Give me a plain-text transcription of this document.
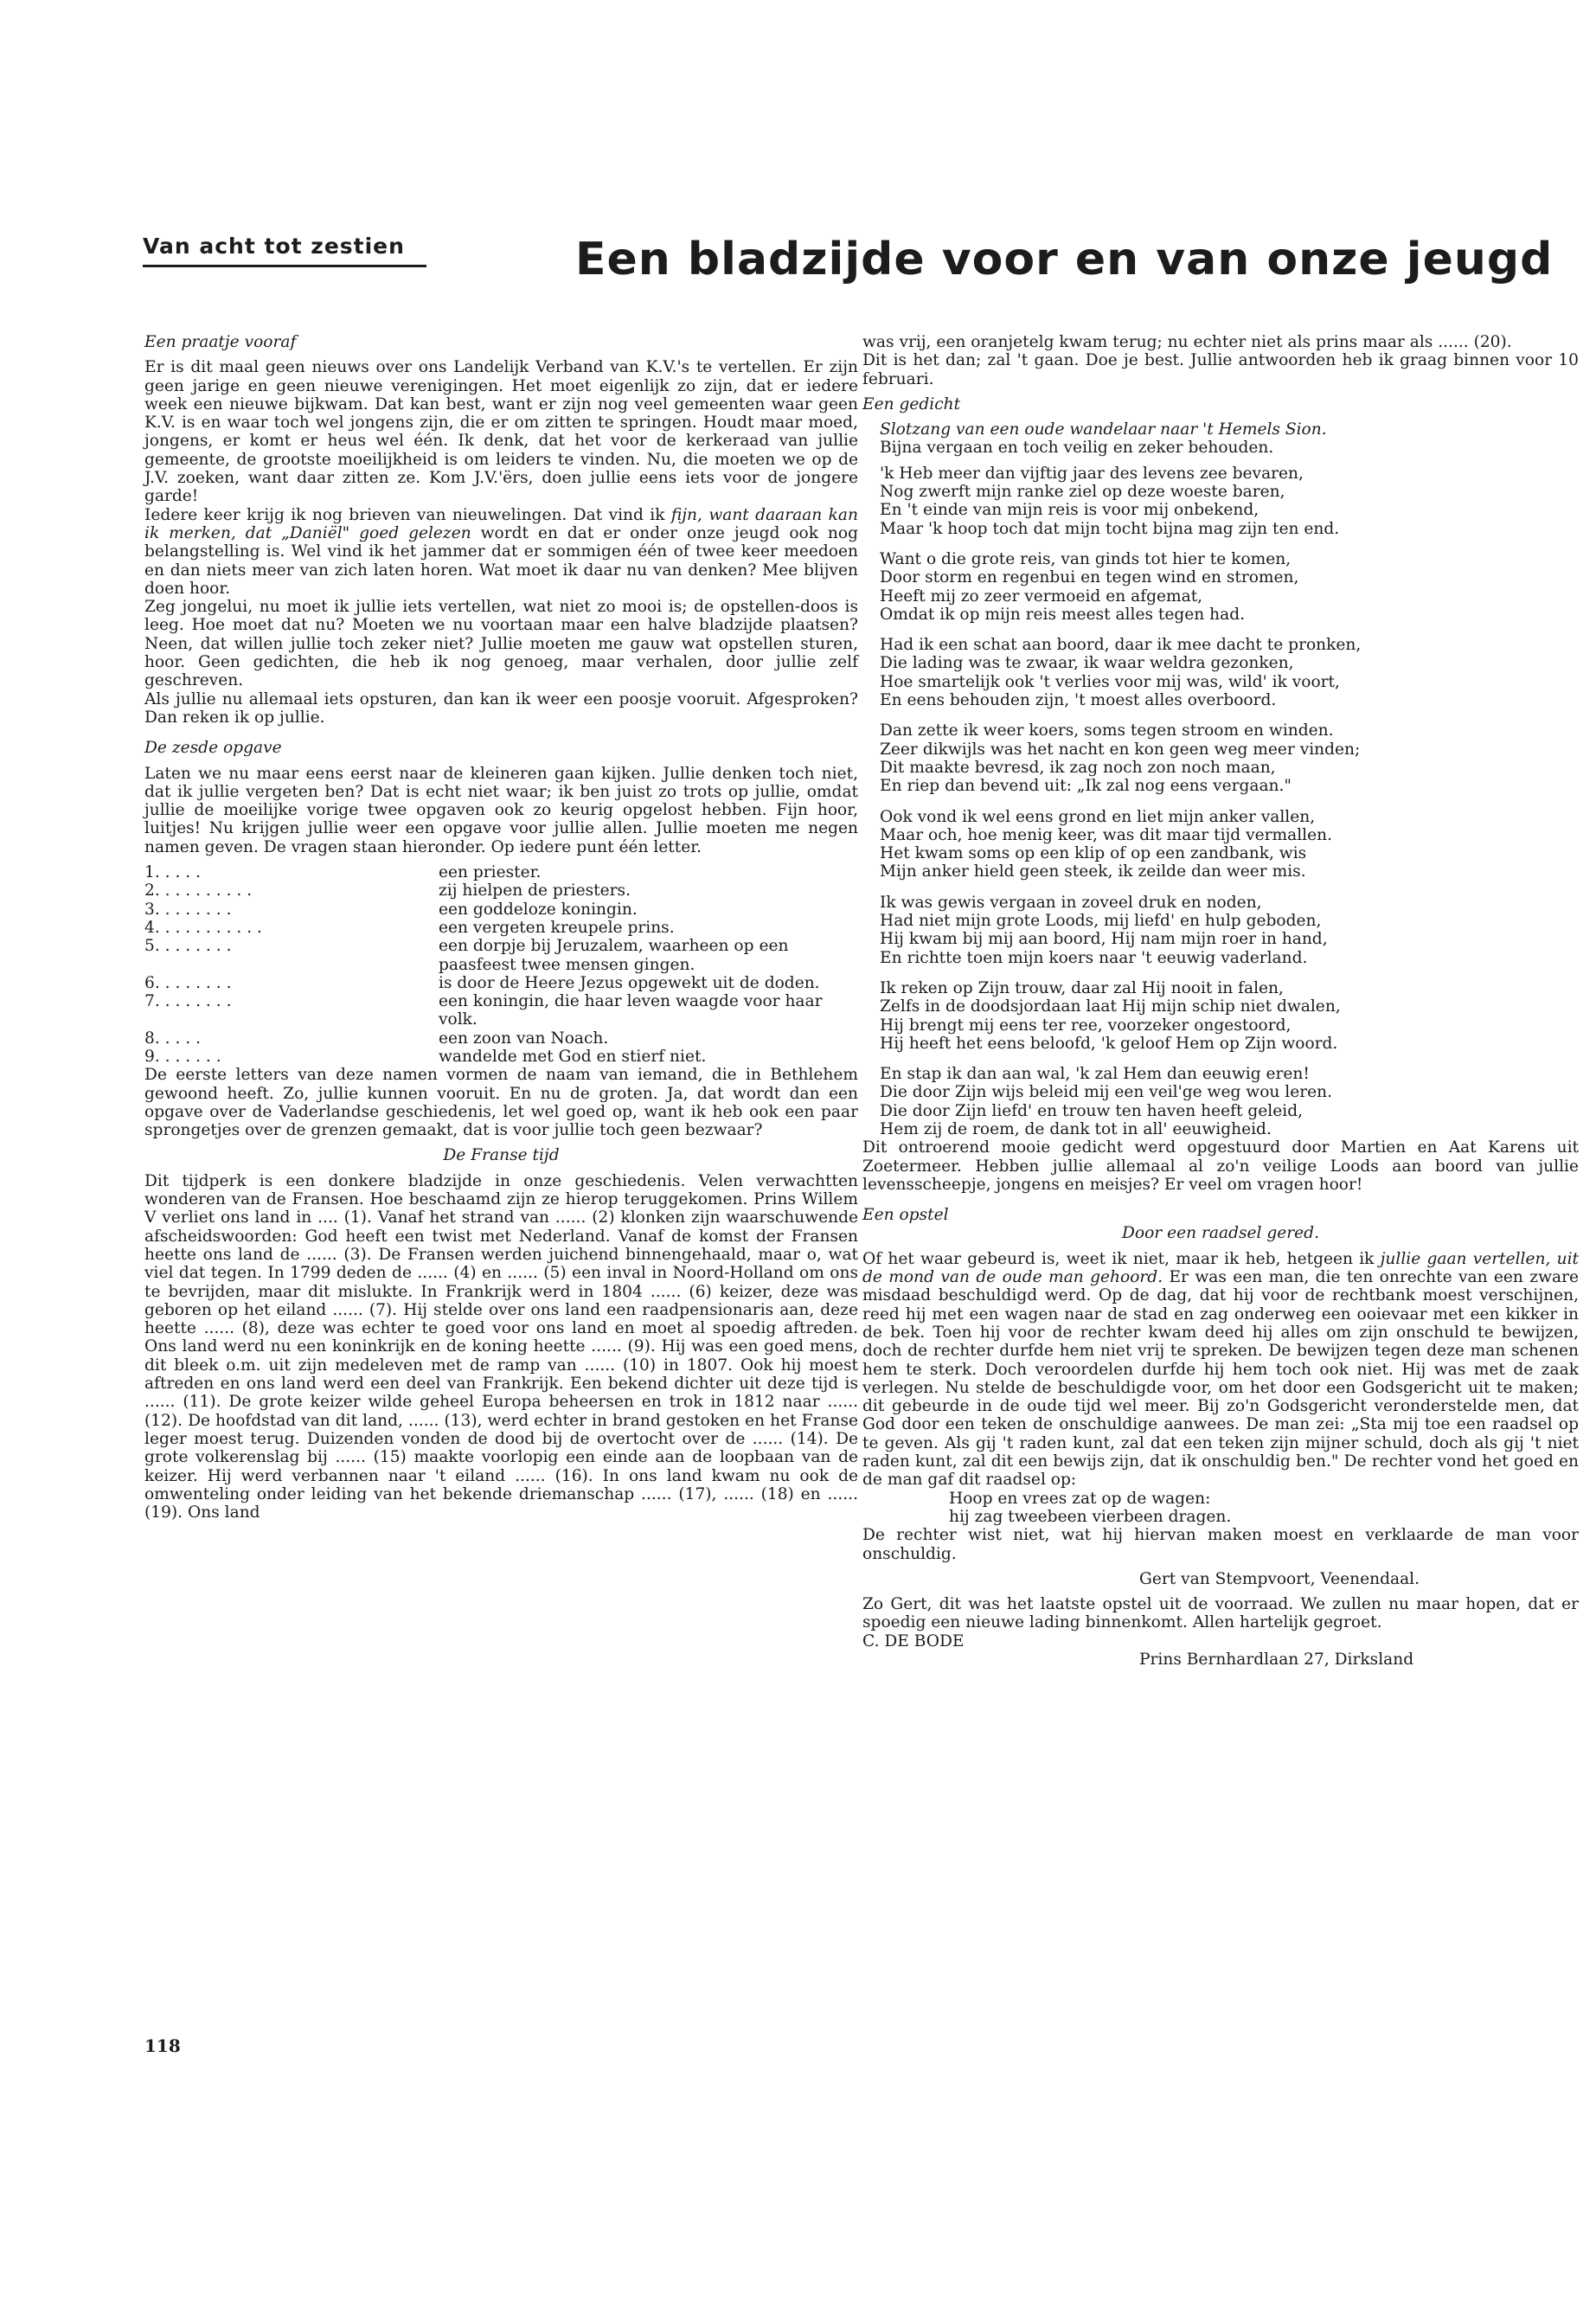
Van acht tot zestien	Een bladzijde voor en van onze jeugd

Een praatje vooraf

Er is dit maal geen nieuws over ons Landelijk Verband van K.V.'s te vertellen. Er zijn geen jarige en geen nieuwe verenigingen. Het moet eigenlijk zo zijn, dat er iedere week een nieuwe bijkwam. Dat kan best, want er zijn nog veel gemeenten waar geen K.V. is en waar toch wel jongens zijn, die er om zitten te springen. Houdt maar moed, jongens, er komt er heus wel één. Ik denk, dat het voor de kerkeraad van jullie gemeente, de grootste moeilijkheid is om leiders te vinden. Nu, die moeten we op de J.V. zoeken, want daar zitten ze. Kom J.V.'ërs, doen jullie eens iets voor de jongere garde!

Iedere keer krijg ik nog brieven van nieuwelingen. Dat vind ik fijn, want daaraan kan ik merken, dat „Daniël" goed gelezen wordt en dat er onder onze jeugd ook nog belangstelling is. Wel vind ik het jammer dat er sommigen één of twee keer meedoen en dan niets meer van zich laten horen. Wat moet ik daar nu van denken? Mee blijven doen hoor.

Zeg jongelui, nu moet ik jullie iets vertellen, wat niet zo mooi is; de opstellen-doos is leeg. Hoe moet dat nu? Moeten we nu voortaan maar een halve bladzijde plaatsen? Neen, dat willen jullie toch zeker niet? Jullie moeten me gauw wat opstellen sturen, hoor. Geen gedichten, die heb ik nog genoeg, maar verhalen, door jullie zelf geschreven.

Als jullie nu allemaal iets opsturen, dan kan ik weer een poosje vooruit. Afgesproken? Dan reken ik op jullie.

De zesde opgave

Laten we nu maar eens eerst naar de kleineren gaan kijken. Jullie denken toch niet, dat ik jullie vergeten ben? Dat is echt niet waar; ik ben juist zo trots op jullie, omdat jullie de moeilijke vorige twee opgaven ook zo keurig opgelost hebben. Fijn hoor, luitjes! Nu krijgen jullie weer een opgave voor jullie allen. Jullie moeten me negen namen geven. De vragen staan hieronder. Op iedere punt één letter.

1. . . . .	een priester.
2. . . . . . . . . .	zij hielpen de priesters.
3. . . . . . . .	een goddeloze koningin.
4. . . . . . . . . . .	een vergeten kreupele prins.
5. . . . . . . .	een dorpje bij Jeruzalem, waarheen op een paasfeest twee mensen gingen.
6. . . . . . . .	is door de Heere Jezus opgewekt uit de doden.
7. . . . . . . .	een koningin, die haar leven waagde voor haar volk.
8. . . . .	een zoon van Noach.
9. . . . . . .	wandelde met God en stierf niet.

De eerste letters van deze namen vormen de naam van iemand, die in Bethlehem gewoond heeft. Zo, jullie kunnen vooruit. En nu de groten. Ja, dat wordt dan een opgave over de Vaderlandse geschiedenis, let wel goed op, want ik heb ook een paar sprongetjes over de grenzen gemaakt, dat is voor jullie toch geen bezwaar?

De Franse tijd

Dit tijdperk is een donkere bladzijde in onze geschiedenis. Velen verwachtten wonderen van de Fransen. Hoe beschaamd zijn ze hierop teruggekomen. Prins Willem V verliet ons land in .... (1). Vanaf het strand van ...... (2) klonken zijn waarschuwende afscheidswoorden: God heeft een twist met Nederland. Vanaf de komst der Fransen heette ons land de ...... (3). De Fransen werden juichend binnengehaald, maar o, wat viel dat tegen. In 1799 deden de ...... (4) en ...... (5) een inval in Noord-Holland om ons te bevrijden, maar dit mislukte. In Frankrijk werd in 1804 ...... (6) keizer, deze was geboren op het eiland ...... (7). Hij stelde over ons land een raadpensionaris aan, deze heette ...... (8), deze was echter te goed voor ons land en moet al spoedig aftreden. Ons land werd nu een koninkrijk en de koning heette ...... (9). Hij was een goed mens, dit bleek o.m. uit zijn medeleven met de ramp van ...... (10) in 1807. Ook hij moest aftreden en ons land werd een deel van Frankrijk. Een bekend dichter uit deze tijd is ...... (11). De grote keizer wilde geheel Europa beheersen en trok in 1812 naar ...... (12). De hoofdstad van dit land, ...... (13), werd echter in brand gestoken en het Franse leger moest terug. Duizenden vonden de dood bij de overtocht over de ...... (14). De grote volkerenslag bij ...... (15) maakte voorlopig een einde aan de loopbaan van de keizer. Hij werd verbannen naar 't eiland ...... (16). In ons land kwam nu ook de omwenteling onder leiding van het bekende driemanschap ...... (17), ...... (18) en ...... (19). Ons land

was vrij, een oranjetelg kwam terug; nu echter niet als prins maar als ...... (20).

Dit is het dan; zal 't gaan. Doe je best. Jullie antwoorden heb ik graag binnen voor 10 februari.

Een gedicht

Slotzang van een oude wandelaar naar 't Hemels Sion.

Bijna vergaan en toch veilig en zeker behouden.

'k Heb meer dan vijftig jaar des levens zee bevaren,

Nog zwerft mijn ranke ziel op deze woeste baren,

En 't einde van mijn reis is voor mij onbekend,

Maar 'k hoop toch dat mijn tocht bijna mag zijn ten end.

Want o die grote reis, van ginds tot hier te komen,

Door storm en regenbui en tegen wind en stromen,

Heeft mij zo zeer vermoeid en afgemat,

Omdat ik op mijn reis meest alles tegen had.

Had ik een schat aan boord, daar ik mee dacht te pronken,

Die lading was te zwaar, ik waar weldra gezonken,

Hoe smartelijk ook 't verlies voor mij was, wild' ik voort,

En eens behouden zijn, 't moest alles overboord.

Dan zette ik weer koers, soms tegen stroom en winden.

Zeer dikwijls was het nacht en kon geen weg meer vinden;

Dit maakte bevresd, ik zag noch zon noch maan,

En riep dan bevend uit: „Ik zal nog eens vergaan."

Ook vond ik wel eens grond en liet mijn anker vallen,

Maar och, hoe menig keer, was dit maar tijd vermallen.

Het kwam soms op een klip of op een zandbank, wis

Mijn anker hield geen steek, ik zeilde dan weer mis.

Ik was gewis vergaan in zoveel druk en noden,

Had niet mijn grote Loods, mij liefd' en hulp geboden,

Hij kwam bij mij aan boord, Hij nam mijn roer in hand,

En richtte toen mijn koers naar 't eeuwig vaderland.

Ik reken op Zijn trouw, daar zal Hij nooit in falen,

Zelfs in de doodsjordaan laat Hij mijn schip niet dwalen,

Hij brengt mij eens ter ree, voorzeker ongestoord,

Hij heeft het eens beloofd, 'k geloof Hem op Zijn woord.

En stap ik dan aan wal, 'k zal Hem dan eeuwig eren!

Die door Zijn wijs beleid mij een veil'ge weg wou leren.

Die door Zijn liefd' en trouw ten haven heeft geleid,

Hem zij de roem, de dank tot in all' eeuwigheid.

Dit ontroerend mooie gedicht werd opgestuurd door Martien en Aat Karens uit Zoetermeer. Hebben jullie allemaal al zo'n veilige Loods aan boord van jullie levensscheepje, jongens en meisjes? Er veel om vragen hoor!

Een opstel

Door een raadsel gered.

Of het waar gebeurd is, weet ik niet, maar ik heb, hetgeen ik jullie gaan vertellen, uit de mond van de oude man gehoord. Er was een man, die ten onrechte van een zware misdaad beschuldigd werd. Op de dag, dat hij voor de rechtbank moest verschijnen, reed hij met een wagen naar de stad en zag onderweg een ooievaar met een kikker in de bek. Toen hij voor de rechter kwam deed hij alles om zijn onschuld te bewijzen, doch de rechter durfde hem niet vrij te spreken. De bewijzen tegen deze man schenen hem te sterk. Doch veroordelen durfde hij hem toch ook niet. Hij was met de zaak verlegen. Nu stelde de beschuldigde voor, om het door een Godsgericht uit te maken; dit gebeurde in de oude tijd wel meer. Bij zo'n Godsgericht veronderstelde men, dat God door een teken de onschuldige aanwees. De man zei: „Sta mij toe een raadsel op te geven. Als gij 't raden kunt, zal dat een teken zijn mijner schuld, doch als gij 't niet raden kunt, zal dit een bewijs zijn, dat ik onschuldig ben." De rechter vond het goed en de man gaf dit raadsel op:

Hoop en vrees zat op de wagen:

hij zag tweebeen vierbeen dragen.

De rechter wist niet, wat hij hiervan maken moest en verklaarde de man voor onschuldig.

Gert van Stempvoort, Veenendaal.

Zo Gert, dit was het laatste opstel uit de voorraad. We zullen nu maar hopen, dat er spoedig een nieuwe lading binnenkomt. Allen hartelijk gegroet.

C. DE BODE

Prins Bernhardlaan 27, Dirksland

118
